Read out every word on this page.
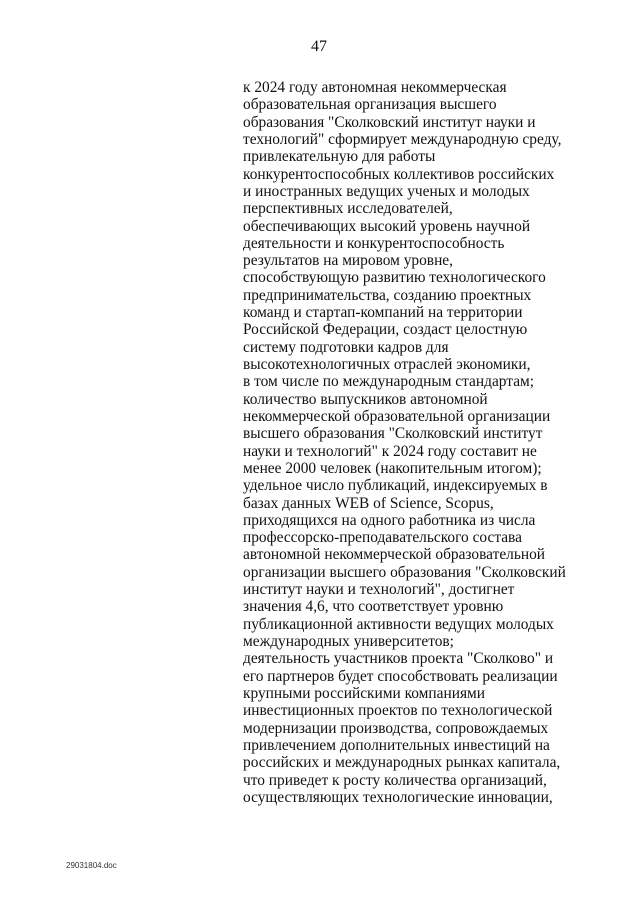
47
к 2024 году автономная некоммерческая
образовательная организация высшего
образования "Сколковский институт науки и
технологий" сформирует международную среду,
привлекательную для работы
конкурентоспособных коллективов российских
и иностранных ведущих ученых и молодых
перспективных исследователей,
обеспечивающих высокий уровень научной
деятельности и конкурентоспособность
результатов на мировом уровне,
способствующую развитию технологического
предпринимательства, созданию проектных
команд и стартап-компаний на территории
Российской Федерации, создаст целостную
систему подготовки кадров для
высокотехнологичных отраслей экономики,
в том числе по международным стандартам;
количество выпускников автономной
некоммерческой образовательной организации
высшего образования "Сколковский институт
науки и технологий" к 2024 году составит не
менее 2000 человек (накопительным итогом);
удельное число публикаций, индексируемых в
базах данных WEB of Science, Scopus,
приходящихся на одного работника из числа
профессорско-преподавательского состава
автономной некоммерческой образовательной
организации высшего образования "Сколковский
институт науки и технологий", достигнет
значения 4,6, что соответствует уровню
публикационной активности ведущих молодых
международных университетов;
деятельность участников проекта "Сколково" и
его партнеров будет способствовать реализации
крупными российскими компаниями
инвестиционных проектов по технологической
модернизации производства, сопровождаемых
привлечением дополнительных инвестиций на
российских и международных рынках капитала,
что приведет к росту количества организаций,
осуществляющих технологические инновации,
29031804.doc
